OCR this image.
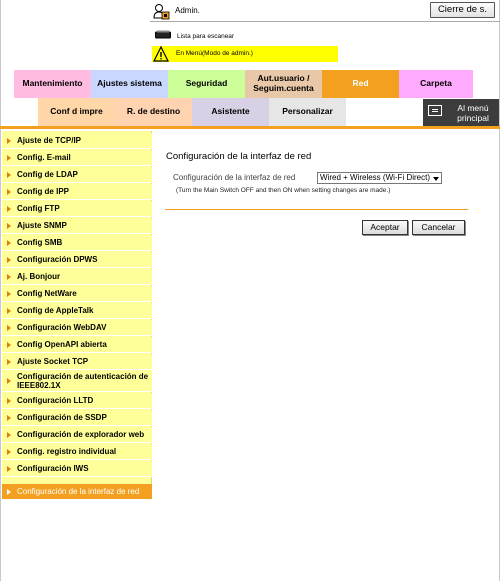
Admin.	Cierre de s.
Lista para escanear
En Menú(Modo de admin.)
Mantenimiento Ajustes sistema	Seguridad	Aut.usuario / Seguim.cuenta	Red	Carpeta
Conf d impre	R. de destino	Asistente	Personalizar	Al menú principal
Ajuste de TCP/IP
Config. E-mail
Config de LDAP
Config de IPP
Config FTP
Ajuste SNMP
Config SMB
Configuración DPWS
Aj. Bonjour
Config NetWare
Config de AppleTalk
Configuración WebDAV
Config OpenAPI abierta
Ajuste Socket TCP
Configuración de autenticación de IEEE802.1X
Configuración LLTD
Configuración de SSDP
Configuración de explorador web
Config. registro individual
Configuración IWS
Configuración de la interfaz de red
Configuración de la interfaz de red
Configuración de la interfaz de red	Wired + Wireless (Wi-Fi Direct)
(Turn the Main Switch OFF and then ON when setting changes are made.)
Aceptar	Cancelar
